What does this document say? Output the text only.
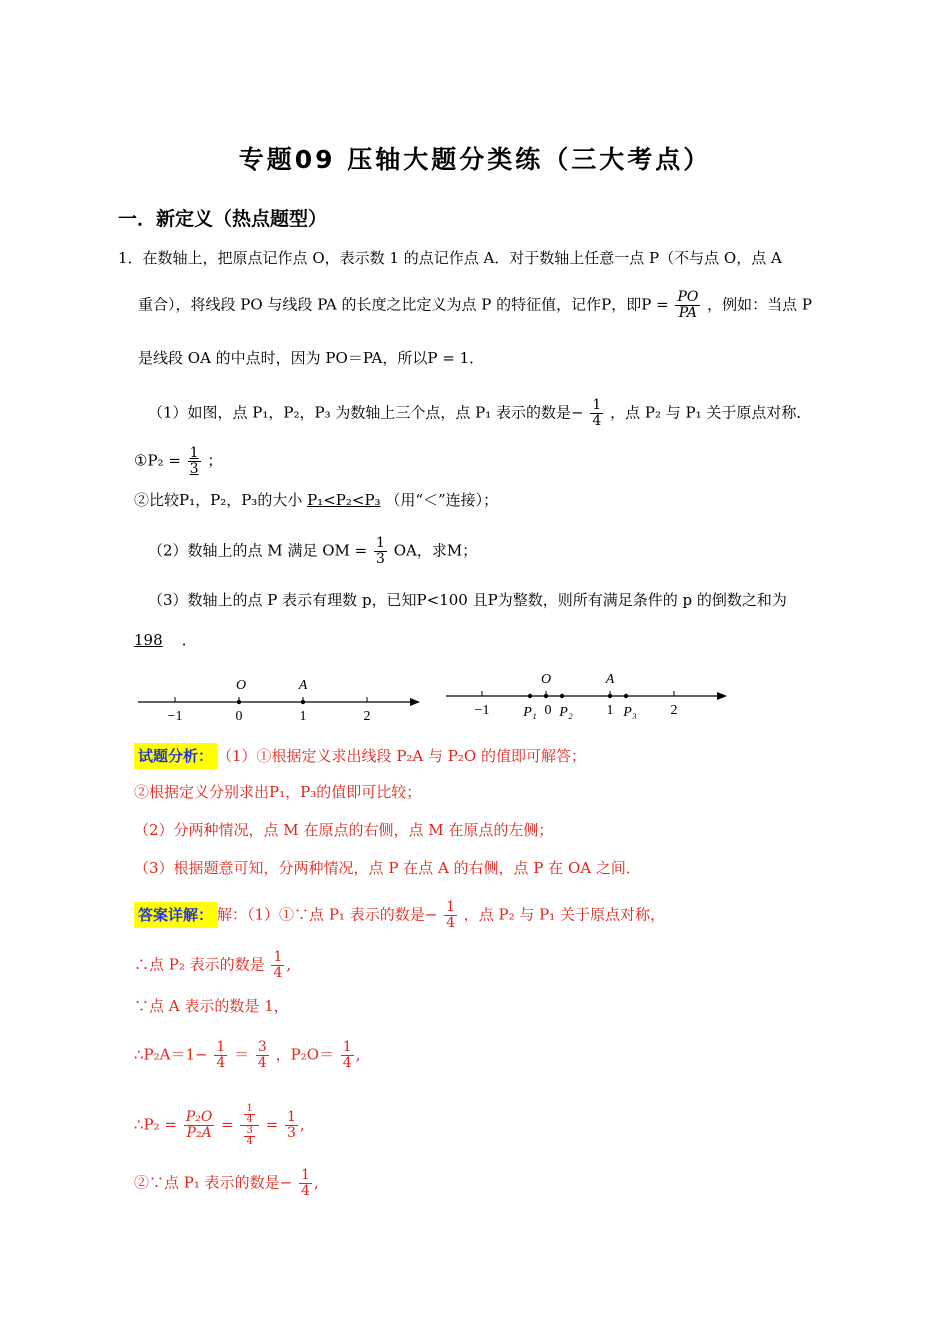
专题09 压轴大题分类练（三大考点）
一．新定义（热点题型）
1．在数轴上，把原点记作点 O，表示数 1 的点记作点 A．对于数轴上任意一点 P（不与点 O，点 A
重合），将线段 PO 与线段 PA 的长度之比定义为点 P 的特征值，记作P，即$P = \frac{PO}{PA}$ ，例如：当点 P
是线段 OA 的中点时，因为 PO＝PA，所以P = 1．
（1）如图，点 P₁，P₂，P₃ 为数轴上三个点，点 P₁ 表示的数是− $\frac{1}{4}$ ，点 P₂ 与 P₁ 关于原点对称．
①P₂ = $\frac{1}{3}$ ；
②比较P₁，P₂，P₃的大小 P₁<P₂<P₃ （用“＜”连接）；
（2）数轴上的点 M 满足 OM = $\frac{1}{3}$ OA，求M；
（3）数轴上的点 P 表示有理数 p，已知P<100 且P为整数，则所有满足条件的 p 的倒数之和为
198 ．
O	A
−1	0	1	2
O	A
−1 P₁ 0 P₂ 1 P₃ 2
试题分析： （1）①根据定义求出线段 P₂A 与 P₂O 的值即可解答；
②根据定义分别求出P₁，P₃的值即可比较；
（2）分两种情况，点 M 在原点的右侧，点 M 在原点的左侧；
（3）根据题意可知，分两种情况，点 P 在点 A 的右侧，点 P 在 OA 之间．
答案详解： 解：（1）①∵点 P₁ 表示的数是− $\frac{1}{4}$ ，点 P₂ 与 P₁ 关于原点对称，
∴点 P₂ 表示的数是 $\frac{1}{4}$ ,
∵点 A 表示的数是 1，
∴P₂A＝1− $\frac{1}{4} = \frac{3}{4}$ ，$P_2O= \frac{1}{4}$ ,
∴P₂ = $\frac{\text{P₂O}}{\text{P₂A}} = \frac{\frac{1}{4}}{\frac{3}{4}} = \frac{1}{3}$ ,
②∵点 P₁ 表示的数是− $\frac{1}{4}$ ,
